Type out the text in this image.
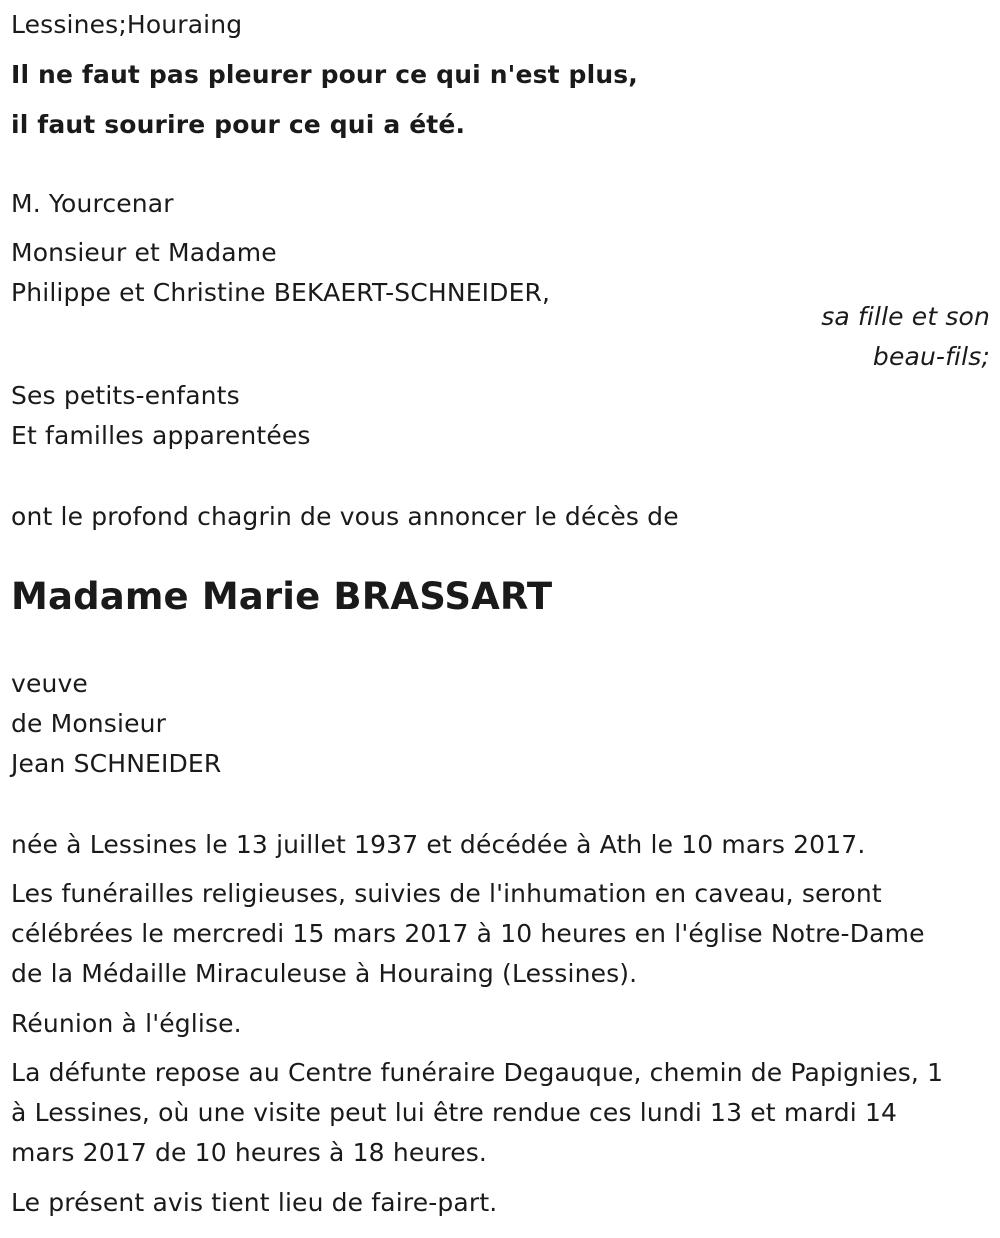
Lessines;Houraing
Il ne faut pas pleurer pour ce qui n'est plus,
il faut sourire pour ce qui a été.
M. Yourcenar
Monsieur et Madame
Philippe et Christine BEKAERT-SCHNEIDER,
sa fille et son
beau-fils;
Ses petits-enfants
Et familles apparentées
ont le profond chagrin de vous annoncer le décès de
Madame Marie BRASSART
veuve
de Monsieur
Jean SCHNEIDER
née à Lessines le 13 juillet 1937 et décédée à Ath le 10 mars 2017.
Les funérailles religieuses, suivies de l'inhumation en caveau, seront
célébrées le mercredi 15 mars 2017 à 10 heures en l'église Notre-Dame
de la Médaille Miraculeuse à Houraing (Lessines).
Réunion à l'église.
La défunte repose au Centre funéraire Degauque, chemin de Papignies, 1
à Lessines, où une visite peut lui être rendue ces lundi 13 et mardi 14
mars 2017 de 10 heures à 18 heures.
Le présent avis tient lieu de faire-part.
